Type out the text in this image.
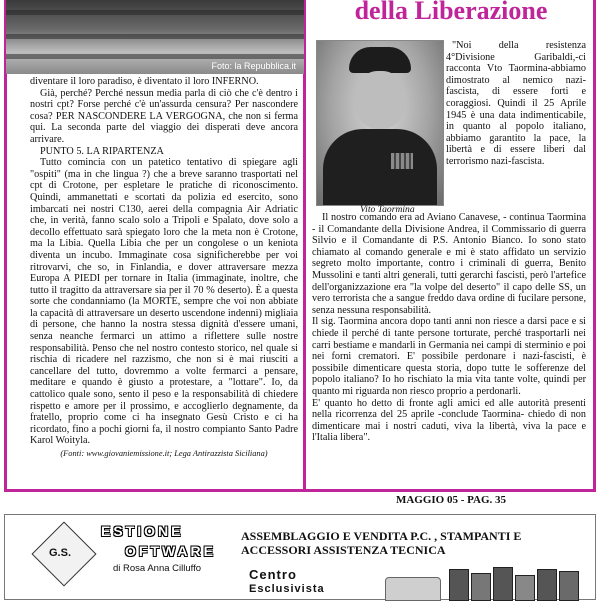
Foto: la Repubblica.it

diventare il loro paradiso, è diventato il loro INFERNO.

Già, perché? Perché nessun media parla di ciò che c'è dentro i nostri cpt? Forse perché c'è un'assurda censura? Per nascondere cosa? PER NASCONDERE LA VERGOGNA, che non si ferma qui. La seconda parte del viaggio dei disperati deve ancora arrivare.

PUNTO 5. LA RIPARTENZA

Tutto comincia con un patetico tentativo di spiegare agli "ospiti" (ma in che lingua ?) che a breve saranno trasportati nel cpt di Crotone, per espletare le pratiche di riconoscimento. Quindi, ammanettati e scortati da polizia ed esercito, sono imbarcati nei nostri C130, aerei della compagnia Air Adriatic che, in verità, fanno scalo solo a Tripoli e Spalato, dove solo a decollo effettuato sarà spiegato loro che la meta non è Crotone, ma la Libia. Quella Libia che per un congolese o un keniota diventa un incubo. Immaginate cosa significherebbe per voi ritrovarvi, che so, in Finlandia, e dover attraversare mezza Europa A PIEDI per tornare in Italia (immaginate, inoltre, che tutto il tragitto da attraversare sia per il 70 % deserto). È a questa sorte che condanniamo (la MORTE, sempre che voi non abbiate la capacità di attraversare un deserto uscendone indenni) migliaia di persone, che hanno la nostra stessa dignità d'essere umani, senza neanche fermarci un attimo a riflettere sulle nostre responsabilità. Penso che nel nostro contesto storico, nel quale si rischia di ricadere nel razzismo, che non si è mai riusciti a cancellare del tutto, dovremmo a volte fermarci a pensare, meditare e quando è giusto a protestare, a "lottare". Io, da cattolico quale sono, sento il peso e la responsabilità di chiedere rispetto e amore per il prossimo, e accoglierlo degnamente, da fratello, proprio come ci ha insegnato Gesù Cristo e ci ha ricordato, fino a pochi giorni fa, il nostro compianto Santo Padre Karol Woityla.

(Fonti: www.giovaniemissione.it; Lega Antirazzista Siciliana)

della Liberazione
Vito Taormina

"Noi della resistenza 4°Divisione Garibaldi,-ci racconta Vto Taormina-abbiamo dimostrato al nemico nazi-fascista, di essere forti e coraggiosi. Quindi il 25 Aprile 1945 è una data indimenticabile, in quanto al popolo italiano, abbiamo garantito la pace, la libertà e di essere liberi dal terrorismo nazi-fascista.

Il nostro comando era ad Aviano Canavese, - continua Taormina - il Comandante della Divisione Andrea, il Commissario di guerra Silvio e il Comandante di P.S. Antonio Bianco. Io sono stato chiamato al comando generale e mi è stato affidato un servizio segreto molto importante, contro i criminali di guerra, Benito Mussolini e tanti altri generali, tutti gerarchi fascisti, però l'artefice dell'organizzazione era "la volpe del deserto" il capo delle SS, un vero terrorista che a sangue freddo dava ordine di fucilare persone, senza nessuna responsabilità.

Il sig. Taormina ancora dopo tanti anni non riesce a darsi pace e si chiede il perché di tante persone torturate, perché trasportarli nei carri bestiame e mandarli in Germania nei campi di sterminio e poi nei forni crematori. E' possibile perdonare i nazi-fascisti, è possibile dimenticare questa storia, dopo tutte le sofferenze del popolo italiano? Io ho rischiato la mia vita tante volte, quindi per quanto mi riguarda non riesco proprio a perdonarli.

E' quanto ho detto di fronte agli amici ed alle autorità presenti nella ricorrenza del 25 aprile -conclude Taormina- chiedo di non dimenticare mai i nostri caduti, viva la libertà, viva la pace e l'Italia libera".

MAGGIO 05 - PAG. 35
G.S.
ESTIONE
OFTWARE
di Rosa Anna Cilluffo
ASSEMBLAGGIO E VENDITA P.C. , STAMPANTI E
ACCESSORI ASSISTENZA TECNICA
Centro
Esclusivista
